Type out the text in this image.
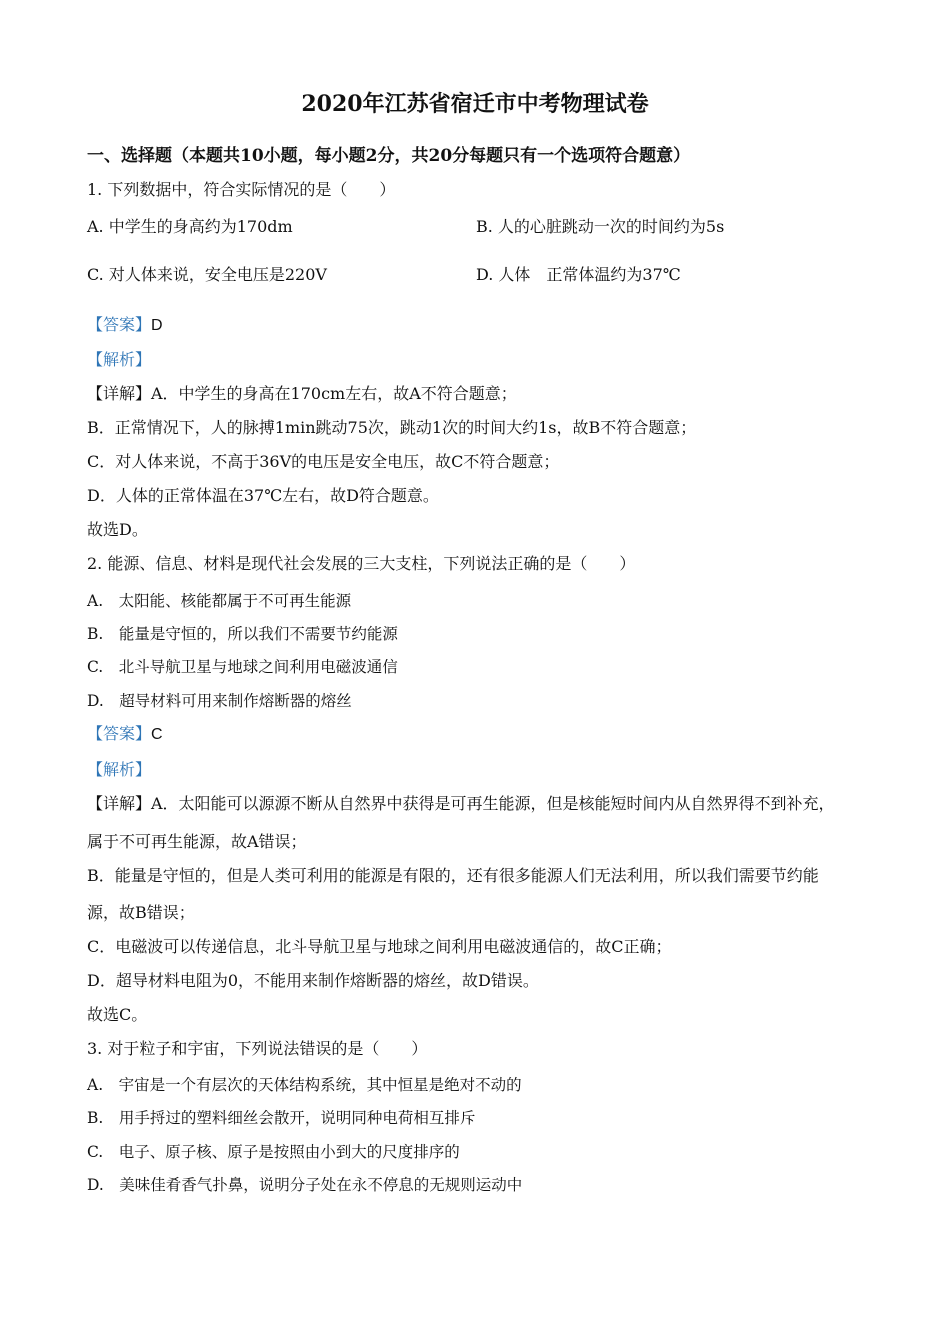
2020年江苏省宿迁市中考物理试卷
一、选择题（本题共10小题，每小题2分，共20分每题只有一个选项符合题意）
1. 下列数据中，符合实际情况的是（　　）
A. 中学生的身高约为170dm	B. 人的心脏跳动一次的时间约为5s
C. 对人体来说，安全电压是220V	D. 人体　正常体温约为37℃
【答案】D
【解析】
【详解】A．中学生的身高在170cm左右，故A不符合题意；
B．正常情况下，人的脉搏1min跳动75次，跳动1次的时间大约1s，故B不符合题意；
C．对人体来说，不高于36V的电压是安全电压，故C不符合题意；
D．人体的正常体温在37℃左右，故D符合题意。
故选D。
2. 能源、信息、材料是现代社会发展的三大支柱，下列说法正确的是（　　）
A.　太阳能、核能都属于不可再生能源
B.　能量是守恒的，所以我们不需要节约能源
C.　北斗导航卫星与地球之间利用电磁波通信
D.　超导材料可用来制作熔断器的熔丝
【答案】C
【解析】
【详解】A．太阳能可以源源不断从自然界中获得是可再生能源，但是核能短时间内从自然界得不到补充，
属于不可再生能源，故A错误；
B．能量是守恒的，但是人类可利用的能源是有限的，还有很多能源人们无法利用，所以我们需要节约能
源，故B错误；
C．电磁波可以传递信息，北斗导航卫星与地球之间利用电磁波通信的，故C正确；
D．超导材料电阻为0，不能用来制作熔断器的熔丝，故D错误。
故选C。
3. 对于粒子和宇宙，下列说法错误的是（　　）
A.　宇宙是一个有层次的天体结构系统，其中恒星是绝对不动的
B.　用手捋过的塑料细丝会散开，说明同种电荷相互排斥
C.　电子、原子核、原子是按照由小到大的尺度排序的
D.　美味佳肴香气扑鼻，说明分子处在永不停息的无规则运动中
